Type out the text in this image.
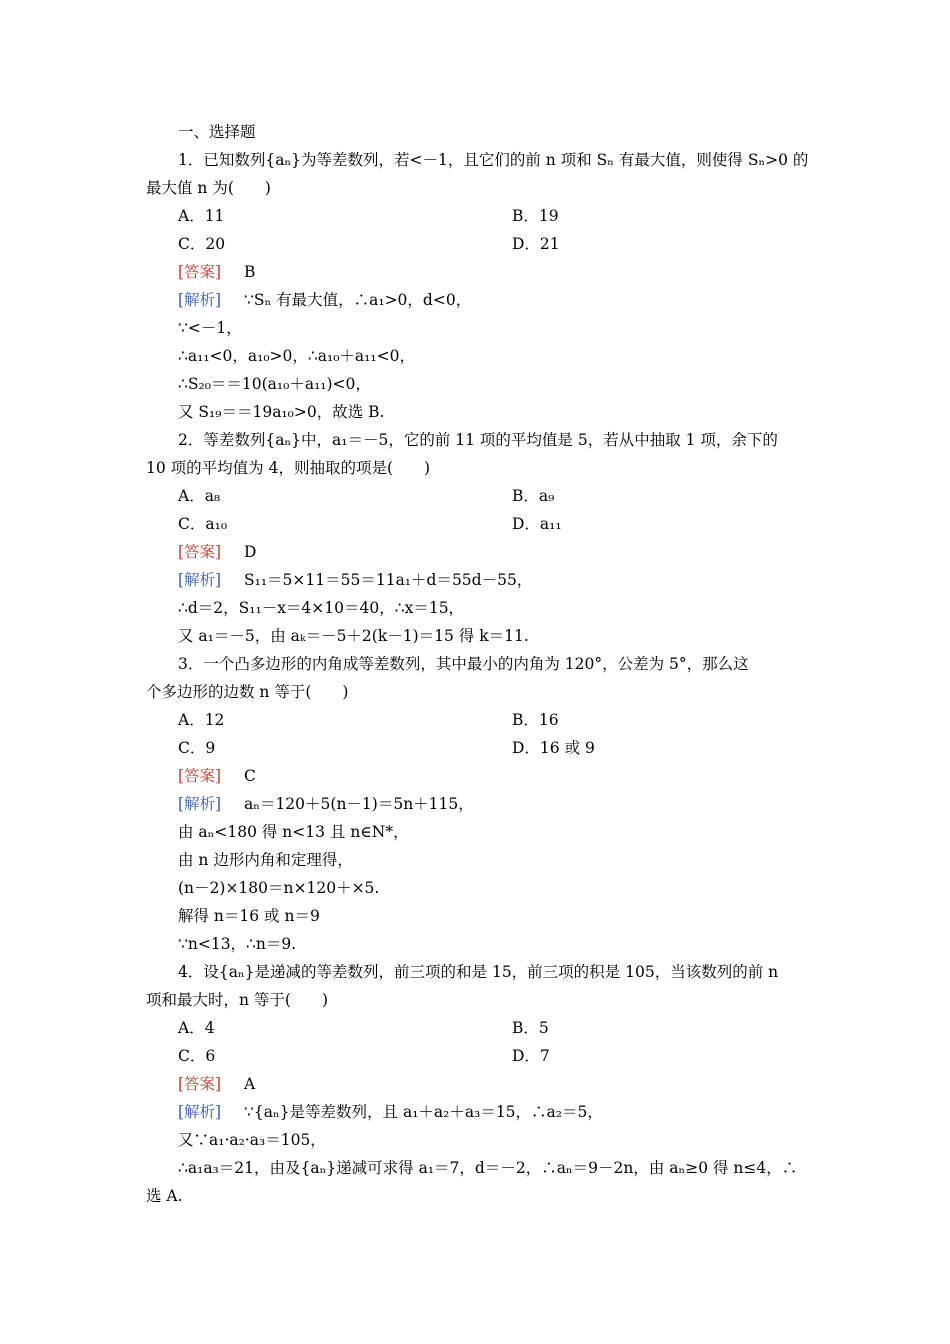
一、选择题
1．已知数列{aₙ}为等差数列，若<－1，且它们的前 n 项和 Sₙ 有最大值，则使得 Sₙ>0 的
最大值 n 为(　　)
A．11	B．19
C．20	D．21
[答案] B
[解析] ∵Sₙ 有最大值，∴a₁>0，d<0，
∵<－1，
∴a₁₁<0，a₁₀>0，∴a₁₀＋a₁₁<0，
∴S₂₀＝＝10(a₁₀＋a₁₁)<0，
又 S₁₉＝＝19a₁₀>0，故选 B.
2．等差数列{aₙ}中，a₁＝－5，它的前 11 项的平均值是 5，若从中抽取 1 项，余下的
10 项的平均值为 4，则抽取的项是(　　)
A．a₈	B．a₉
C．a₁₀	D．a₁₁
[答案] D
[解析] S₁₁＝5×11＝55＝11a₁＋d＝55d－55，
∴d＝2，S₁₁－x＝4×10＝40，∴x＝15，
又 a₁＝－5，由 aₖ＝－5＋2(k－1)＝15 得 k＝11.
3．一个凸多边形的内角成等差数列，其中最小的内角为 120°，公差为 5°，那么这
个多边形的边数 n 等于(　　)
A．12	B．16
C．9	D．16 或 9
[答案] C
[解析] aₙ＝120＋5(n－1)＝5n＋115，
由 aₙ<180 得 n<13 且 n∈N*，
由 n 边形内角和定理得，
(n－2)×180＝n×120＋×5.
解得 n＝16 或 n＝9
∵n<13，∴n＝9.
4．设{aₙ}是递减的等差数列，前三项的和是 15，前三项的积是 105，当该数列的前 n
项和最大时，n 等于(　　)
A．4	B．5
C．6	D．7
[答案] A
[解析] ∵{aₙ}是等差数列，且 a₁＋a₂＋a₃＝15，∴a₂＝5，
又∵a₁·a₂·a₃＝105，
∴a₁a₃＝21，由及{aₙ}递减可求得 a₁＝7，d＝－2，∴aₙ＝9－2n，由 aₙ≥0 得 n≤4，∴
选 A.
